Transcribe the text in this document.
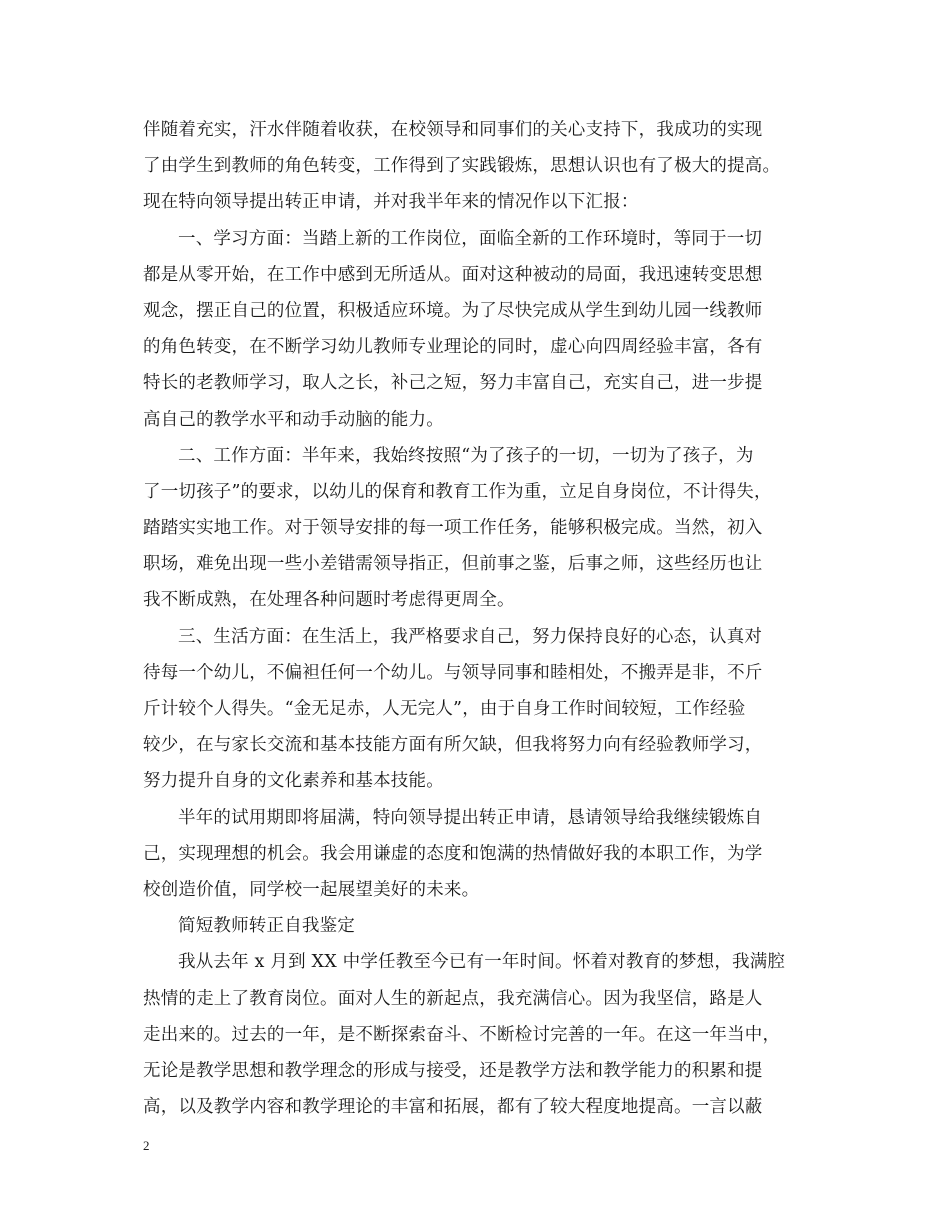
伴随着充实，汗水伴随着收获，在校领导和同事们的关心支持下，我成功的实现
了由学生到教师的角色转变，工作得到了实践锻炼，思想认识也有了极大的提高。
现在特向领导提出转正申请，并对我半年来的情况作以下汇报：
一、学习方面：当踏上新的工作岗位，面临全新的工作环境时，等同于一切
都是从零开始，在工作中感到无所适从。面对这种被动的局面，我迅速转变思想
观念，摆正自己的位置，积极适应环境。为了尽快完成从学生到幼儿园一线教师
的角色转变，在不断学习幼儿教师专业理论的同时，虚心向四周经验丰富，各有
特长的老教师学习，取人之长，补己之短，努力丰富自己，充实自己，进一步提
高自己的教学水平和动手动脑的能力。
二、工作方面：半年来，我始终按照“为了孩子的一切，一切为了孩子，为
了一切孩子”的要求，以幼儿的保育和教育工作为重，立足自身岗位，不计得失，
踏踏实实地工作。对于领导安排的每一项工作任务，能够积极完成。当然，初入
职场，难免出现一些小差错需领导指正，但前事之鉴，后事之师，这些经历也让
我不断成熟，在处理各种问题时考虑得更周全。
三、生活方面：在生活上，我严格要求自己，努力保持良好的心态，认真对
待每一个幼儿，不偏袒任何一个幼儿。与领导同事和睦相处，不搬弄是非，不斤
斤计较个人得失。“金无足赤，人无完人”，由于自身工作时间较短，工作经验
较少，在与家长交流和基本技能方面有所欠缺，但我将努力向有经验教师学习，
努力提升自身的文化素养和基本技能。
半年的试用期即将届满，特向领导提出转正申请，恳请领导给我继续锻炼自
己，实现理想的机会。我会用谦虚的态度和饱满的热情做好我的本职工作，为学
校创造价值，同学校一起展望美好的未来。
简短教师转正自我鉴定
我从去年 x 月到 XX 中学任教至今已有一年时间。怀着对教育的梦想，我满腔
热情的走上了教育岗位。面对人生的新起点，我充满信心。因为我坚信，路是人
走出来的。过去的一年，是不断探索奋斗、不断检讨完善的一年。在这一年当中，
无论是教学思想和教学理念的形成与接受，还是教学方法和教学能力的积累和提
高，以及教学内容和教学理论的丰富和拓展，都有了较大程度地提高。一言以蔽
2
